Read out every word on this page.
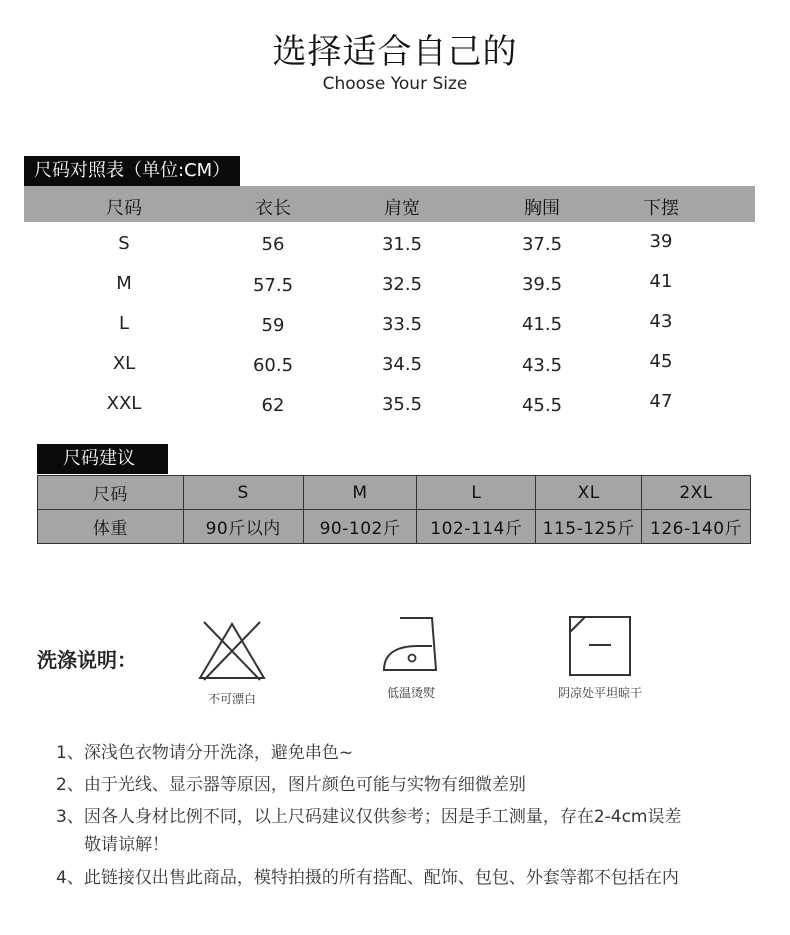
选择适合自己的
Choose Your Size
尺码对照表（单位:CM）
尺码	衣长	肩宽	胸围	下摆
S	56	31.5	37.5	39
M	57.5	32.5	39.5	41
L	59	33.5	41.5	43
XL	60.5	34.5	43.5	45
XXL	62	35.5	45.5	47
尺码建议
尺码	S	M	L	XL	2XL
体重	90斤以内	90-102斤	102-114斤	115-125斤	126-140斤
洗涤说明：
不可漂白	低温烫熨	阴凉处平坦晾干
1、深浅色衣物请分开洗涤，避免串色~
2、由于光线、显示器等原因，图片颜色可能与实物有细微差别
3、因各人身材比例不同，以上尺码建议仅供参考；因是手工测量，存在2-4cm误差
敬请谅解！
4、此链接仅出售此商品，模特拍摄的所有搭配、配饰、包包、外套等都不包括在内
